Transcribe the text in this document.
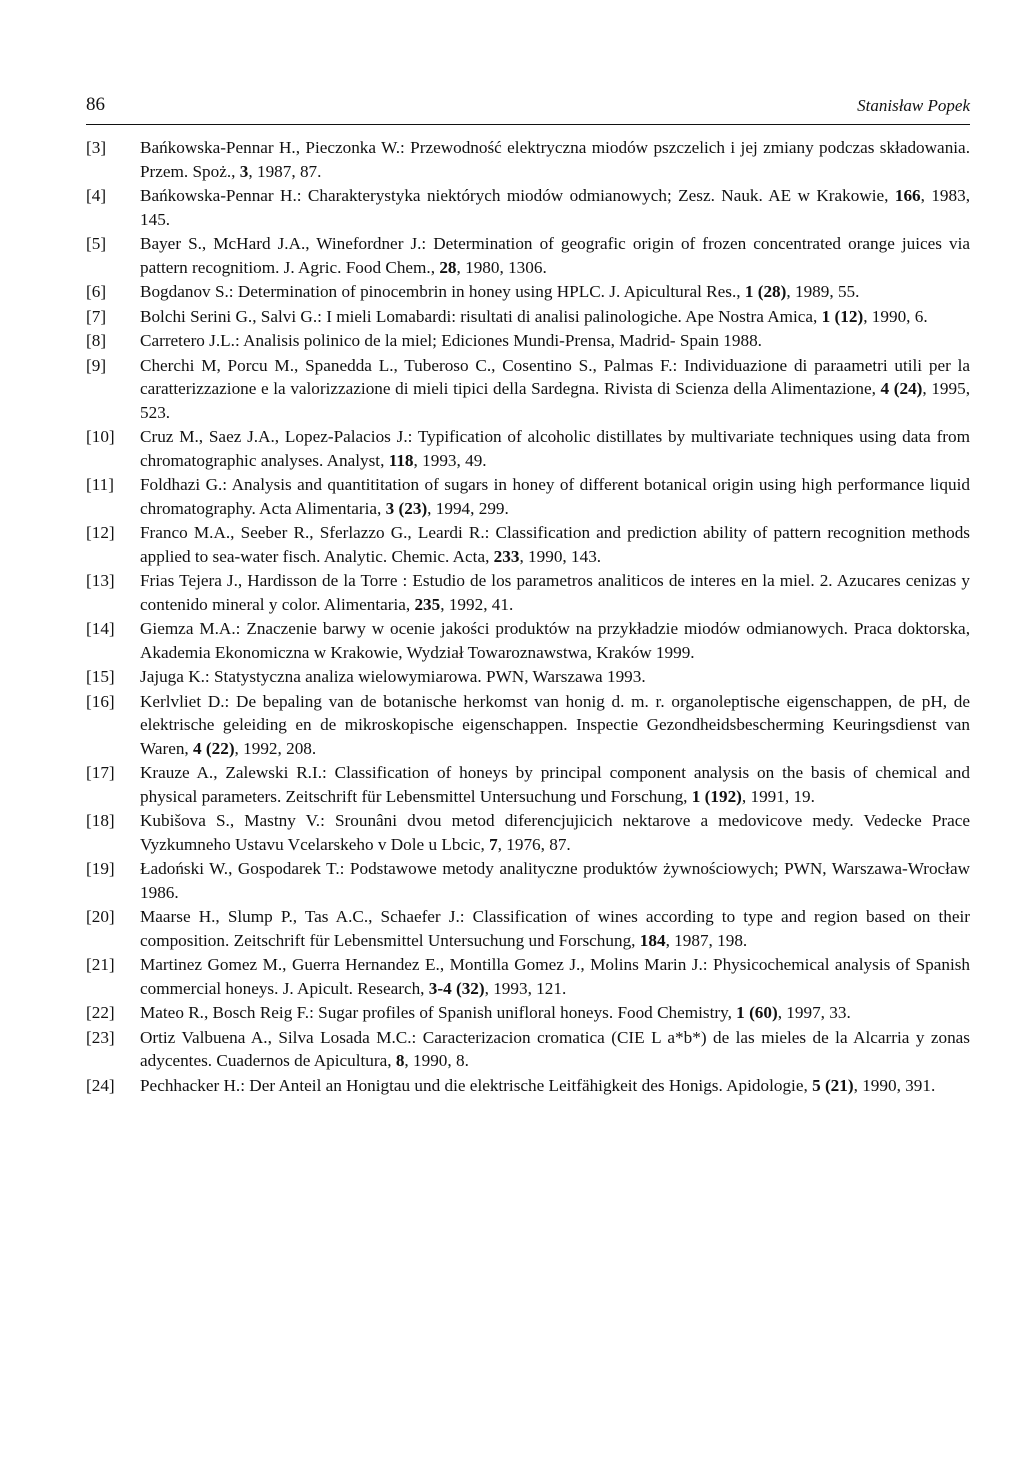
86	Stanisław Popek
[3] Bańkowska-Pennar H., Pieczonka W.: Przewodność elektryczna miodów pszczelich i jej zmiany podczas składowania. Przem. Spoż., 3, 1987, 87.
[4] Bańkowska-Pennar H.: Charakterystyka niektórych miodów odmianowych; Zesz. Nauk. AE w Krakowie, 166, 1983, 145.
[5] Bayer S., McHard J.A., Winefordner J.: Determination of geografic origin of frozen concentrated orange juices via pattern recognitiom. J. Agric. Food Chem., 28, 1980, 1306.
[6] Bogdanov S.: Determination of pinocembrin in honey using HPLC. J. Apicultural Res., 1 (28), 1989, 55.
[7] Bolchi Serini G., Salvi G.: I mieli Lomabardi: risultati di analisi palinologiche. Ape Nostra Amica, 1 (12), 1990, 6.
[8] Carretero J.L.: Analisis polinico de la miel; Ediciones Mundi-Prensa, Madrid- Spain 1988.
[9] Cherchi M, Porcu M., Spanedda L., Tuberoso C., Cosentino S., Palmas F.: Individuazione di paraametri utili per la caratterizzazione e la valorizzazione di mieli tipici della Sardegna. Rivista di Scienza della Alimentazione, 4 (24), 1995, 523.
[10] Cruz M., Saez J.A., Lopez-Palacios J.: Typification of alcoholic distillates by multivariate techniques using data from chromatographic analyses. Analyst, 118, 1993, 49.
[11] Foldhazi G.: Analysis and quantititation of sugars in honey of different botanical origin using high performance liquid chromatography. Acta Alimentaria, 3 (23), 1994, 299.
[12] Franco M.A., Seeber R., Sferlazzo G., Leardi R.: Classification and prediction ability of pattern recognition methods applied to sea-water fisch. Analytic. Chemic. Acta, 233, 1990, 143.
[13] Frias Tejera J., Hardisson de la Torre : Estudio de los parametros analiticos de interes en la miel. 2. Azucares cenizas y contenido mineral y color. Alimentaria, 235, 1992, 41.
[14] Giemza M.A.: Znaczenie barwy w ocenie jakości produktów na przykładzie miodów odmianowych. Praca doktorska, Akademia Ekonomiczna w Krakowie, Wydział Towaroznawstwa, Kraków 1999.
[15] Jajuga K.: Statystyczna analiza wielowymiarowa. PWN, Warszawa 1993.
[16] Kerlvliet D.: De bepaling van de botanische herkomst van honig d. m. r. organoleptische eigenschappen, de pH, de elektrische geleiding en de mikroskopische eigenschappen. Inspectie Gezondheidsbescherming Keuringsdienst van Waren, 4 (22), 1992, 208.
[17] Krauze A., Zalewski R.I.: Classification of honeys by principal component analysis on the basis of chemical and physical parameters. Zeitschrift für Lebensmittel Untersuchung und Forschung, 1 (192), 1991, 19.
[18] Kubišova S., Mastny V.: Srounâni dvou metod diferencjujicich nektarove a medovicove medy. Vedecke Prace Vyzkumneho Ustavu Vcelarskeho v Dole u Lbcic, 7, 1976, 87.
[19] Ładoński W., Gospodarek T.: Podstawowe metody analityczne produktów żywnościowych; PWN, Warszawa-Wrocław 1986.
[20] Maarse H., Slump P., Tas A.C., Schaefer J.: Classification of wines according to type and region based on their composition. Zeitschrift für Lebensmittel Untersuchung und Forschung, 184, 1987, 198.
[21] Martinez Gomez M., Guerra Hernandez E., Montilla Gomez J., Molins Marin J.: Physicochemical analysis of Spanish commercial honeys. J. Apicult. Research, 3-4 (32), 1993, 121.
[22] Mateo R., Bosch Reig F.: Sugar profiles of Spanish unifloral honeys. Food Chemistry, 1 (60), 1997, 33.
[23] Ortiz Valbuena A., Silva Losada M.C.: Caracterizacion cromatica (CIE L a*b*) de las mieles de la Alcarria y zonas adycentes. Cuadernos de Apicultura, 8, 1990, 8.
[24] Pechhacker H.: Der Anteil an Honigtau und die elektrische Leitfähigkeit des Honigs. Apidologie, 5 (21), 1990, 391.
